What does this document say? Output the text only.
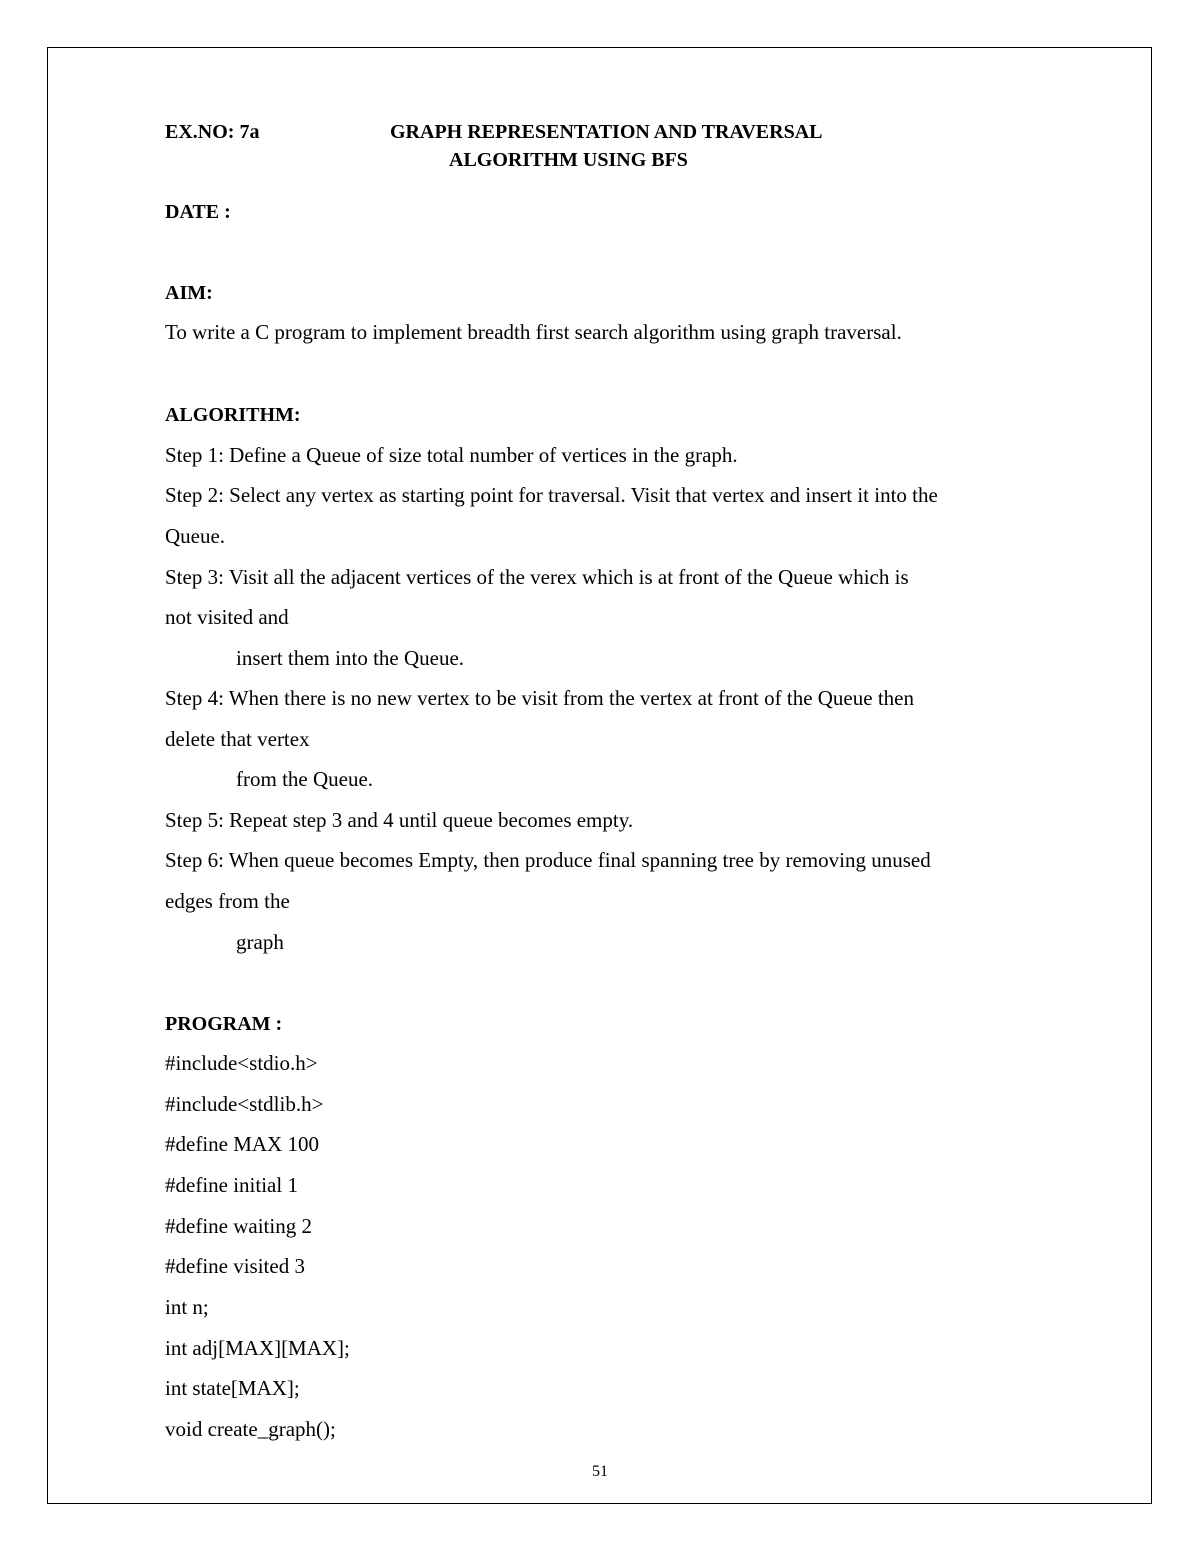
EX.NO: 7a	GRAPH REPRESENTATION AND TRAVERSAL
ALGORITHM USING BFS
DATE :
AIM:
To write a C program to implement breadth first search algorithm using graph traversal.
ALGORITHM:
Step 1: Define a Queue of size total number of vertices in the graph.
Step 2: Select any vertex as starting point for traversal. Visit that vertex and insert it into the
Queue.
Step 3: Visit all the adjacent vertices of the verex which is at front of the Queue which is
not visited and
insert them into the Queue.
Step 4: When there is no new vertex to be visit from the vertex at front of the Queue then
delete that vertex
from the Queue.
Step 5: Repeat step 3 and 4 until queue becomes empty.
Step 6: When queue becomes Empty, then produce final spanning tree by removing unused
edges from the
graph
PROGRAM :
#include<stdio.h>
#include<stdlib.h>
#define MAX 100
#define initial 1
#define waiting 2
#define visited 3
int n;
int adj[MAX][MAX];
int state[MAX];
void create_graph();
51
